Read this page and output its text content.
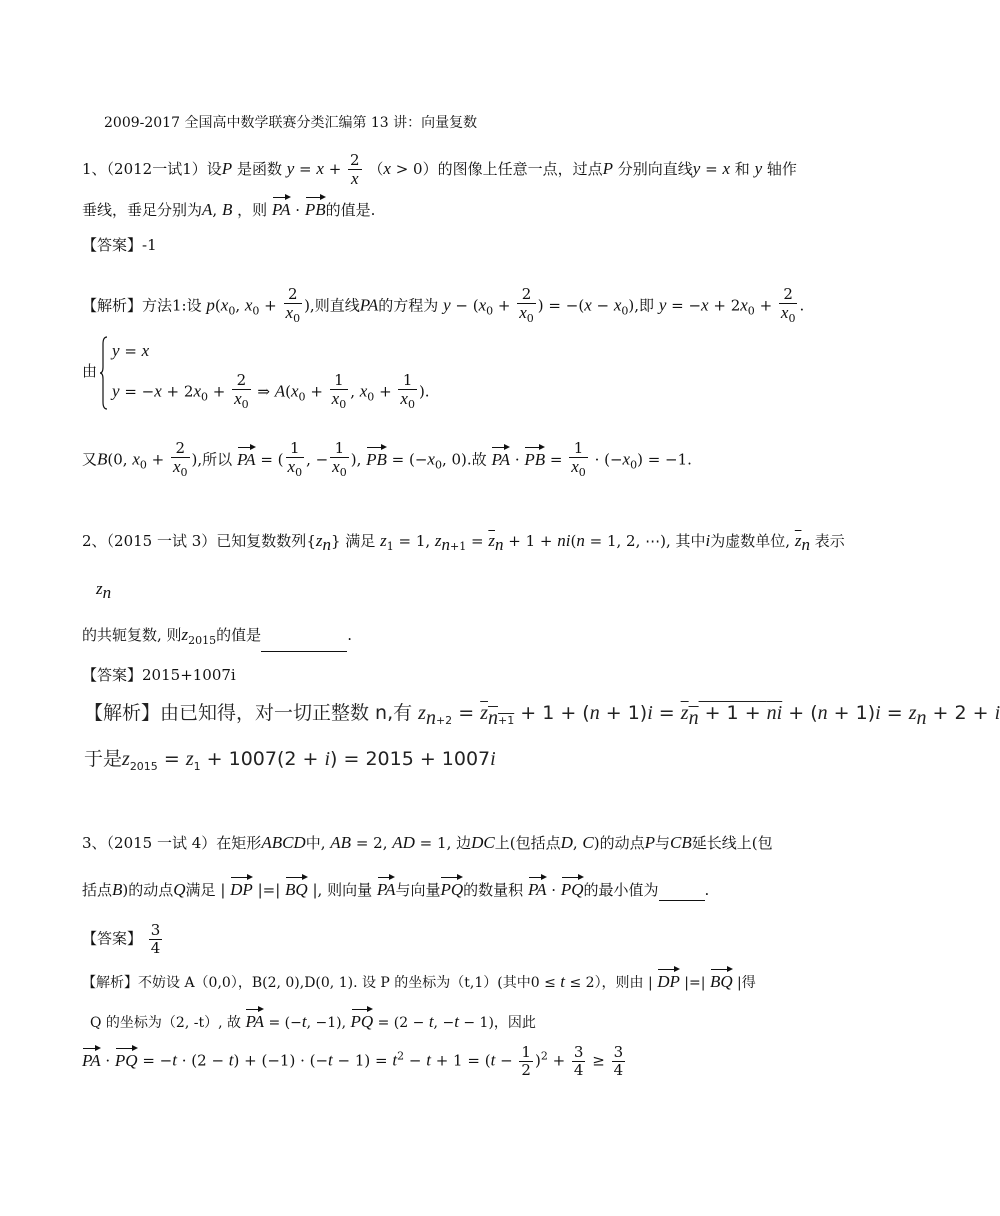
2009-2017 全国高中数学联赛分类汇编第 13 讲：向量复数
1、（2012一试1）设P 是函数 $y = x + \frac{2}{x} (x > 0)$的图像上任意一点，过点P 分别向直线y = x 和 y 轴作
垂线，垂足分别为A, B ，则 PA · PB的值是.
【答案】-1
【解析】方法1:设 $p(x_0$, $x_0 + \frac{2}{x_0}$ ),则直线PA的方程为 $y - (x_0 + \frac{2}{x_0}$ ) = $-(x - x_0)$,即 $y = -x + 2x_0 + \frac{2}{x_0}$ .
由
y = x
$y = -x + 2x_0 + \frac{2}{x_0}$ ⇒ $A(x_0 + \frac{1}{x_0}$ , $x_0 + \frac{1}{x_0}$ ).
又B(0, $x_0 + \frac{2}{x_0}$ ),所以 PA = ( $\frac{1}{x_0}$ , − $\frac{1}{x_0}$ ), PB = ($-x_0$, 0).故 PA · PB = $\frac{1}{x_0} \cdot (-x_0) = -1$.
2、（2015 一试 3）已知复数数列$\{z_n\}$ 满足 $z_1 = 1$, $z_{n+1} = \overline{z}_n + 1 + ni(n = 1$, 2, ⋯), 其中i为虚数单位, $\overline{z}_n$ 表示
$z_n$
的共轭复数, 则$z_{2015}$的值是	.
【答案】2015+1007i
【解析】由已知得，对一切正整数 n,有 $z_{n+2} = z_{n+1} + 1 + (n + 1)i = z_n + 1$ + ni + $(n + 1)i = z_n + 2 + i$
于是$z_{2015} = z_1 + 1007(2 + i) = 2015 + 1007i$
3、（2015 一试 4）在矩形ABCD中, AB = 2, AD = 1, 边DC上(包括点D, C)的动点P与CB延长线上(包
括点B)的动点Q满足 | DP |=| BQ |, 则向量 PA与向量PQ的数量积 PA · PQ的最小值为	.
【答案】 $\frac{3}{4}$
【解析】不妨设 A（0,0），B(2, 0),D(0, 1). 设 P 的坐标为（t,1）(其中0 ≤ t ≤ 2），则由 | DP |=| BQ |得
Q 的坐标为（2, -t）, 故 PA = (−t, −1), PQ = (2 − t, −t − 1)，因此
PA · PQ = $-t \cdot (2 - t) + (-1) \cdot (-t - 1) = t^2 - t + 1 = (t - \frac{1}{2} )^2 + \frac{3}{4} \ge \frac{3}{4}$
